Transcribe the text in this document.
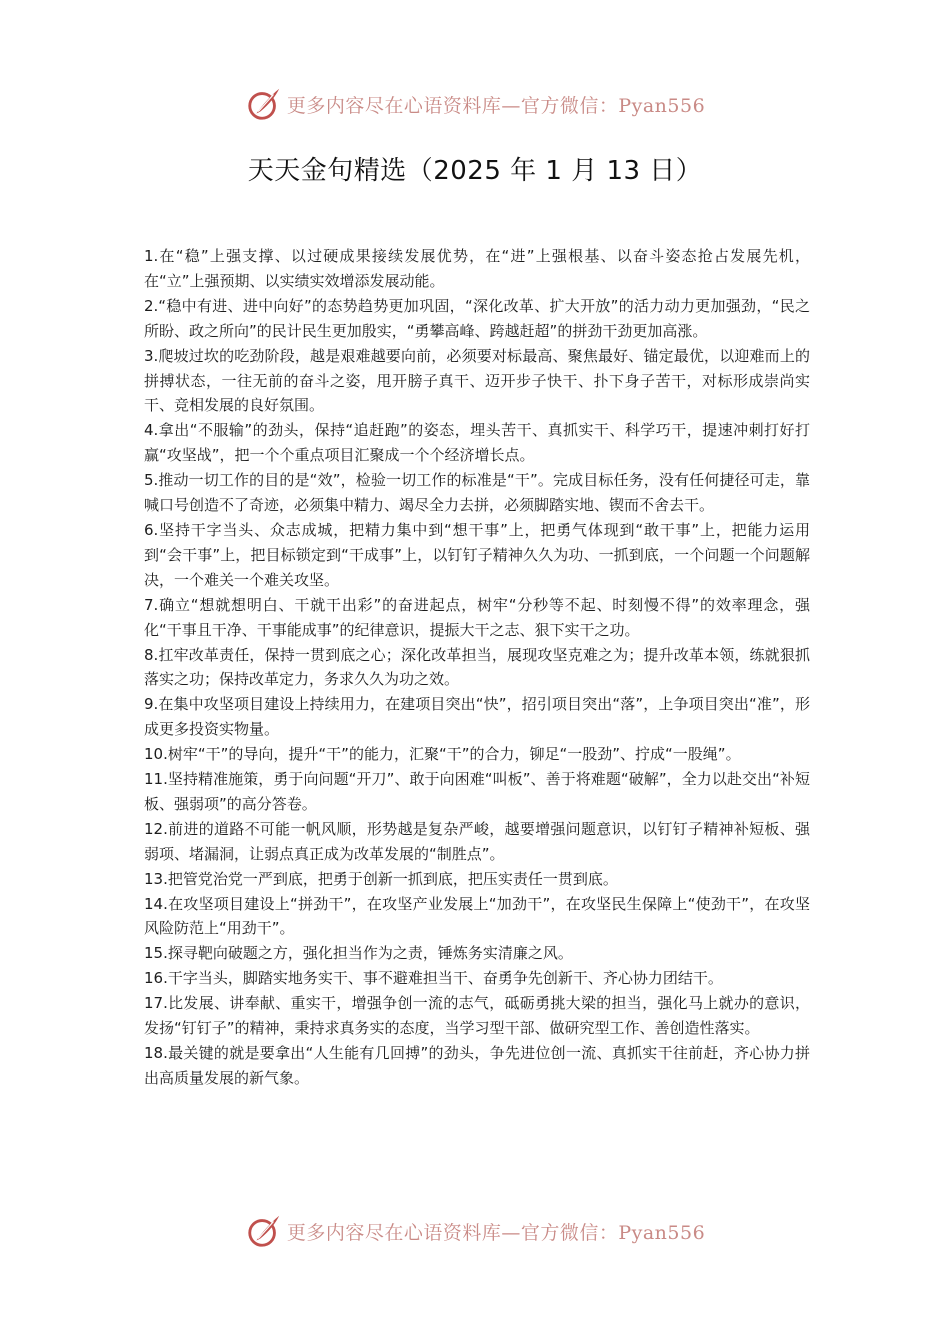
更多内容尽在心语资料库—官方微信：Pyan556
天天金句精选（2025 年 1 月 13 日）

1.在“稳”上强支撑、以过硬成果接续发展优势，在“进”上强根基、以奋斗姿态抢占发展先机，在“立”上强预期、以实绩实效增添发展动能。

2.“稳中有进、进中向好”的态势趋势更加巩固，“深化改革、扩大开放”的活力动力更加强劲，“民之所盼、政之所向”的民计民生更加殷实，“勇攀高峰、跨越赶超”的拼劲干劲更加高涨。

3.爬坡过坎的吃劲阶段，越是艰难越要向前，必须要对标最高、聚焦最好、锚定最优，以迎难而上的拼搏状态，一往无前的奋斗之姿，甩开膀子真干、迈开步子快干、扑下身子苦干，对标形成崇尚实干、竞相发展的良好氛围。

4.拿出“不服输”的劲头，保持“追赶跑”的姿态，埋头苦干、真抓实干、科学巧干，提速冲刺打好打赢“攻坚战”，把一个个重点项目汇聚成一个个经济增长点。

5.推动一切工作的目的是“效”，检验一切工作的标准是“干”。完成目标任务，没有任何捷径可走，靠喊口号创造不了奇迹，必须集中精力、竭尽全力去拼，必须脚踏实地、锲而不舍去干。

6.坚持干字当头、众志成城，把精力集中到“想干事”上，把勇气体现到“敢干事”上，把能力运用到“会干事”上，把目标锁定到“干成事”上，以钉钉子精神久久为功、一抓到底，一个问题一个问题解决，一个难关一个难关攻坚。

7.确立“想就想明白、干就干出彩”的奋进起点，树牢“分秒等不起、时刻慢不得”的效率理念，强化“干事且干净、干事能成事”的纪律意识，提振大干之志、狠下实干之功。

8.扛牢改革责任，保持一贯到底之心；深化改革担当，展现攻坚克难之为；提升改革本领，练就狠抓落实之功；保持改革定力，务求久久为功之效。

9.在集中攻坚项目建设上持续用力，在建项目突出“快”，招引项目突出“落”，上争项目突出“准”，形成更多投资实物量。

10.树牢“干”的导向，提升“干”的能力，汇聚“干”的合力，铆足“一股劲”、拧成“一股绳”。

11.坚持精准施策，勇于向问题“开刀”、敢于向困难“叫板”、善于将难题“破解”，全力以赴交出“补短板、强弱项”的高分答卷。

12.前进的道路不可能一帆风顺，形势越是复杂严峻，越要增强问题意识，以钉钉子精神补短板、强弱项、堵漏洞，让弱点真正成为改革发展的“制胜点”。

13.把管党治党一严到底，把勇于创新一抓到底，把压实责任一贯到底。

14.在攻坚项目建设上“拼劲干”，在攻坚产业发展上“加劲干”，在攻坚民生保障上“使劲干”，在攻坚风险防范上“用劲干”。

15.探寻靶向破题之方，强化担当作为之责，锤炼务实清廉之风。

16.干字当头，脚踏实地务实干、事不避难担当干、奋勇争先创新干、齐心协力团结干。

17.比发展、讲奉献、重实干，增强争创一流的志气，砥砺勇挑大梁的担当，强化马上就办的意识，发扬“钉钉子”的精神，秉持求真务实的态度，当学习型干部、做研究型工作、善创造性落实。

18.最关键的就是要拿出“人生能有几回搏”的劲头，争先进位创一流、真抓实干往前赶，齐心协力拼出高质量发展的新气象。

更多内容尽在心语资料库—官方微信：Pyan556
